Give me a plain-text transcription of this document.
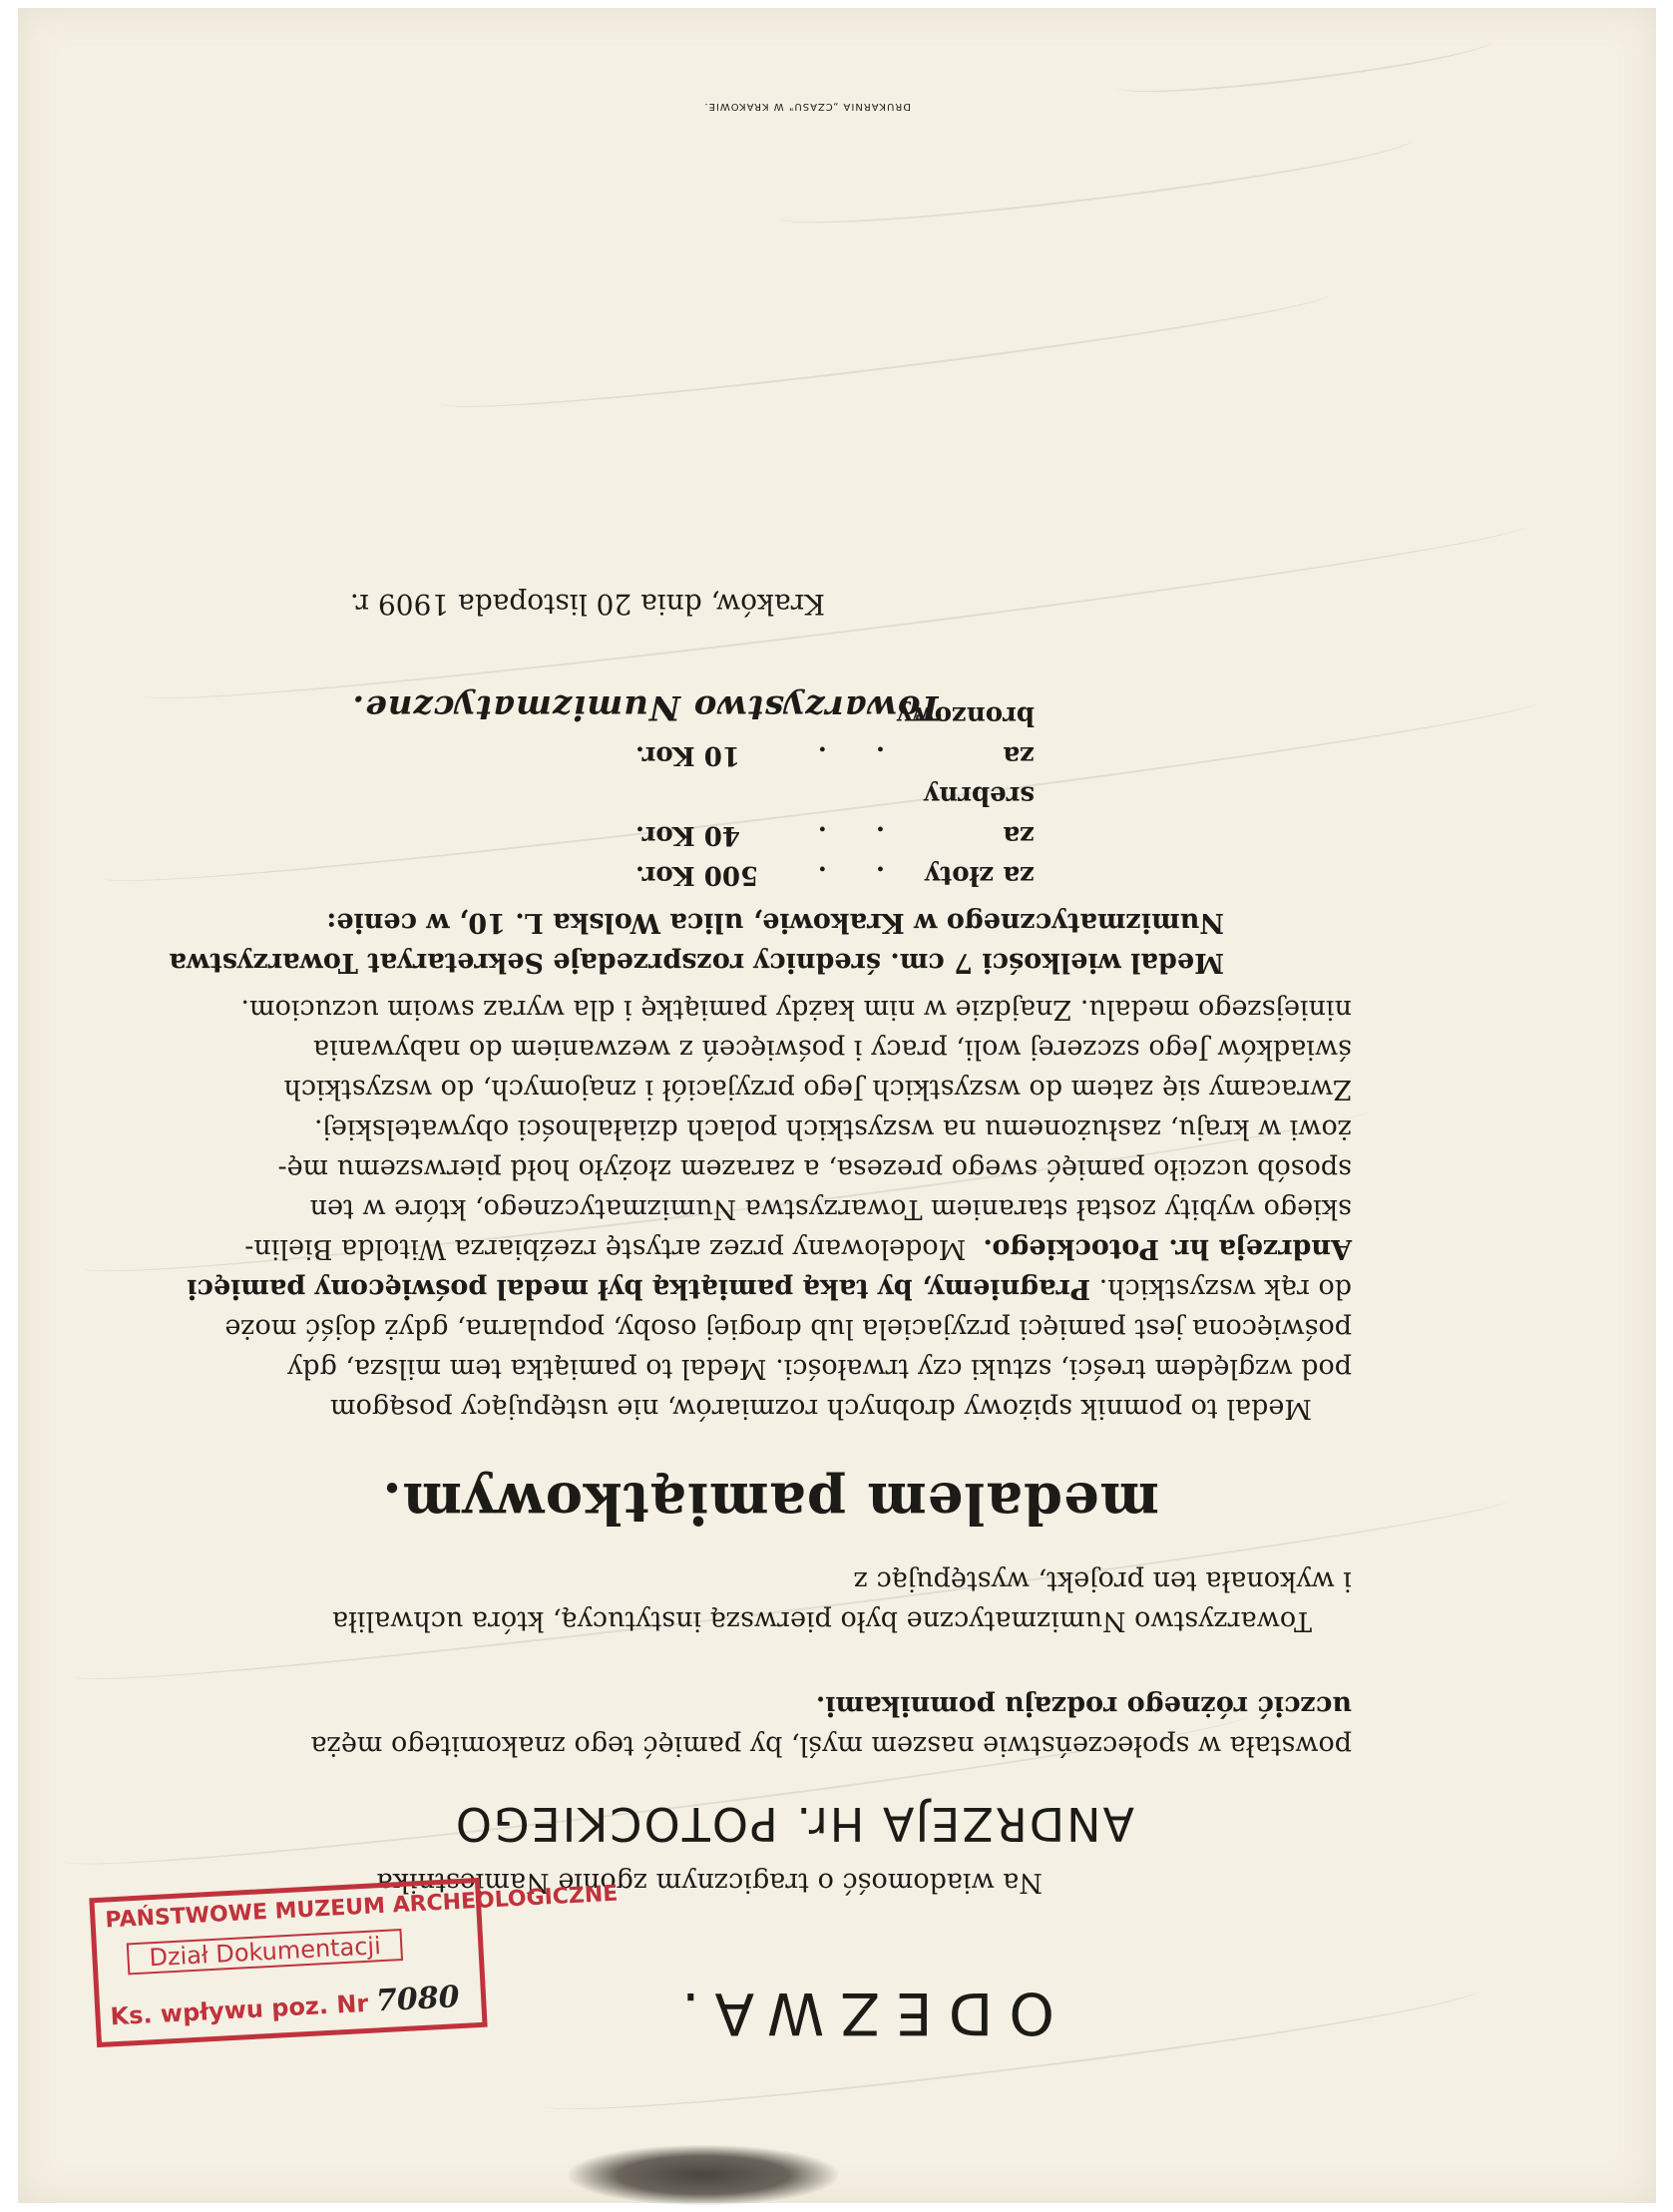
ODEZWA.
Na wiadomość o tragicznym zgonie Namiestnika
ANDRZEJA Hr. POTOCKIEGO
powstała w społeczeństwie naszem myśl, by pamięć tego znakomitego męża
uczcić różnego rodzaju pomnikami.
Towarzystwo Numizmatyczne było pierwszą instytucyą, która uchwaliła
i wykonała ten projekt, występując z
medalem pamiątkowym.
Medal to pomnik spiżowy drobnych rozmiarów, nie ustępujący posągom
pod względem treści, sztuki czy trwałości. Medal to pamiątka tem milsza, gdy
poświęcona jest pamięci przyjaciela lub drogiej osoby, popularna, gdyż dojść może
do rąk wszystkich. Pragniemy, by taką pamiątką był medal poświęcony pamięci
Andrzeja hr. Potockiego.  Modelowany przez artystę rzeźbiarza Witolda Bielin-
skiego wybity został staraniem Towarzystwa Numizmatycznego, które w ten
sposób uczciło pamięć swego prezesa, a zarazem złożyło hołd pierwszemu mę-
żowi w kraju, zasłużonemu na wszystkich polach działalności obywatelskiej.
Zwracamy się zatem do wszystkich Jego przyjaciół i znajomych, do wszystkich
świadków Jego szczerej woli, pracy i poświęceń z wezwaniem do nabywania
niniejszego medalu. Znajdzie w nim każdy pamiątkę i dla wyraz swoim uczuciom.
Medal wielkości 7 cm. średnicy rozsprzedaje Sekretaryat Towarzystwa
Numizmatycznego w Krakowie, ulica Wolska L. 10, w cenie:
za złoty
. .
500 Kor.
za srebrny
. .
40 Kor.
za bronzowy
. .
10 Kor.
Towarzystwo Numizmatyczne.
Kraków, dnia 20 listopada 1909 r.
DRUKARNIA „CZASU" W KRAKOWIE.
PAŃSTWOWE MUZEUM ARCHEOLOGICZNE
Dział Dokumentacji
Ks. wpływu poz. Nr 7080
